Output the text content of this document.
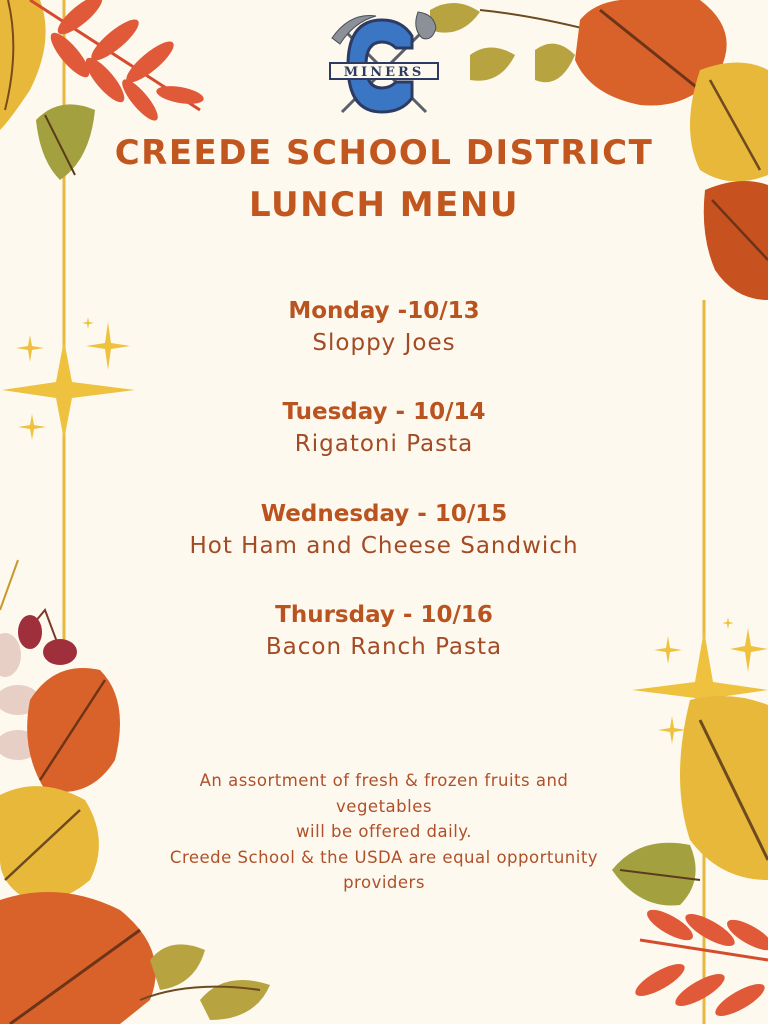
MINERS
CREEDE SCHOOL DISTRICT
LUNCH MENU
Monday -10/13
Sloppy Joes
Tuesday - 10/14
Rigatoni Pasta
Wednesday - 10/15
Hot Ham and Cheese Sandwich
Thursday - 10/16
Bacon Ranch Pasta
An assortment of fresh & frozen fruits and
vegetables
will be offered daily.
Creede School & the USDA are equal opportunity
providers
